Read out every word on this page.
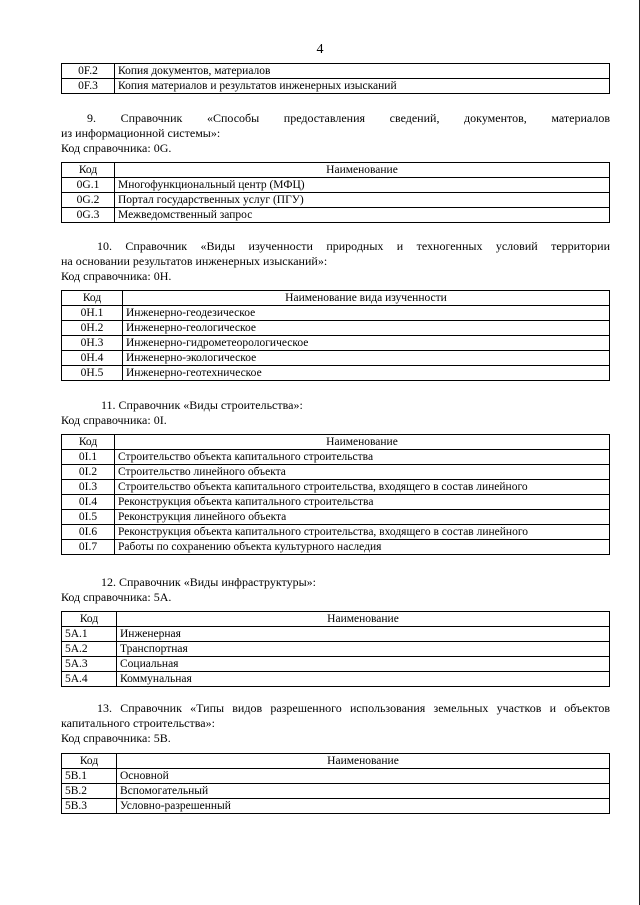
4
0F.2	Копия документов, материалов
0F.3	Копия материалов и результатов инженерных изысканий
9. Справочник «Способы предоставления сведений, документов, материалов
из информационной системы»:
Код справочника: 0G.
Код	Наименование
0G.1	Многофункциональный центр (МФЦ)
0G.2	Портал государственных услуг (ПГУ)
0G.3	Межведомственный запрос
10. Справочник «Виды изученности природных и техногенных условий территории
на основании результатов инженерных изысканий»:
Код справочника: 0H.
Код	Наименование вида изученности
0H.1	Инженерно-геодезическое
0H.2	Инженерно-геологическое
0H.3	Инженерно-гидрометеорологическое
0H.4	Инженерно-экологическое
0H.5	Инженерно-геотехническое
11. Справочник «Виды строительства»:
Код справочника: 0I.
Код	Наименование
0I.1	Строительство объекта капитального строительства
0I.2	Строительство линейного объекта
0I.3	Строительство объекта капитального строительства, входящего в состав линейного
0I.4	Реконструкция объекта капитального строительства
0I.5	Реконструкция линейного объекта
0I.6	Реконструкция объекта капитального строительства, входящего в состав линейного
0I.7	Работы по сохранению объекта культурного наследия
12. Справочник «Виды инфраструктуры»:
Код справочника: 5A.
Код	Наименование
5A.1	Инженерная
5A.2	Транспортная
5A.3	Социальная
5A.4	Коммунальная
13. Справочник «Типы видов разрешенного использования земельных участков и объектов
капитального строительства»:
Код справочника: 5B.
Код	Наименование
5B.1	Основной
5B.2	Вспомогательный
5B.3	Условно-разрешенный
